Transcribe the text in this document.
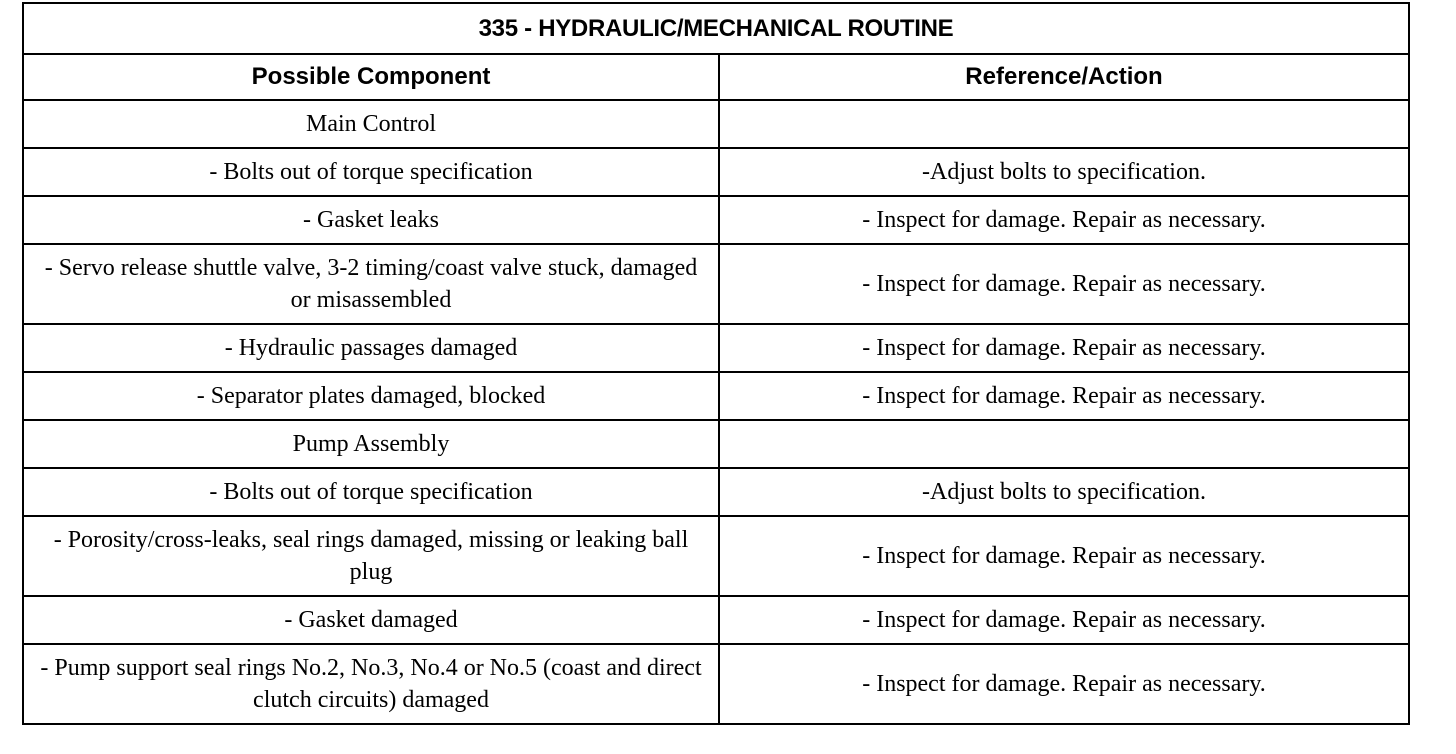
335 - HYDRAULIC/MECHANICAL ROUTINE	
Possible Component	Reference/Action
Main Control	
- Bolts out of torque specification	-Adjust bolts to specification.
- Gasket leaks	- Inspect for damage. Repair as necessary.
- Servo release shuttle valve, 3-2 timing/coast valve stuck, damaged or misassembled	- Inspect for damage. Repair as necessary.
- Hydraulic passages damaged	- Inspect for damage. Repair as necessary.
- Separator plates damaged, blocked	- Inspect for damage. Repair as necessary.
Pump Assembly	
- Bolts out of torque specification	-Adjust bolts to specification.
- Porosity/cross-leaks, seal rings damaged, missing or leaking ball plug	- Inspect for damage. Repair as necessary.
- Gasket damaged	- Inspect for damage. Repair as necessary.
- Pump support seal rings No.2, No.3, No.4 or No.5 (coast and direct clutch circuits) damaged	- Inspect for damage. Repair as necessary.
